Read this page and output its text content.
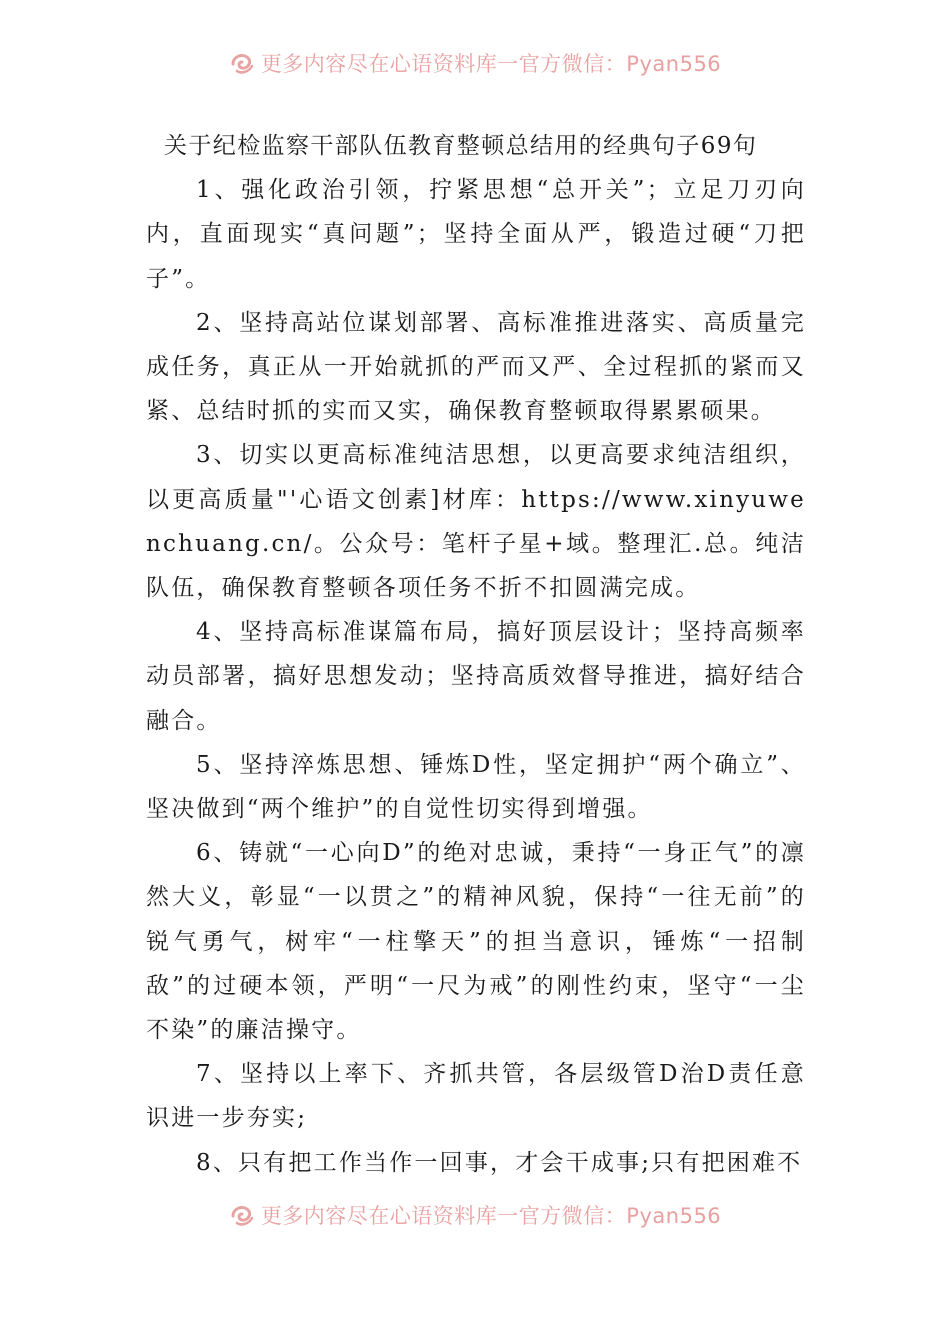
更多内容尽在心语资料库一官方微信：Pyan556
关于纪检监察干部队伍教育整顿总结用的经典句子69句

1、强化政治引领，拧紧思想“总开关”；立足刀刃向内，直面现实“真问题”；坚持全面从严，锻造过硬“刀把子”。

2、坚持高站位谋划部署、高标准推进落实、高质量完成任务，真正从一开始就抓的严而又严、全过程抓的紧而又紧、总结时抓的实而又实，确保教育整顿取得累累硕果。

3、切实以更高标准纯洁思想，以更高要求纯洁组织，以更高质量"'心语文创素]材库：https://www.xinyuwenchuang.cn/。公众号：笔杆子星+域。整理汇.总。纯洁队伍，确保教育整顿各项任务不折不扣圆满完成。

4、坚持高标准谋篇布局，搞好顶层设计；坚持高频率动员部署，搞好思想发动；坚持高质效督导推进，搞好结合融合。

5、坚持淬炼思想、锤炼D性，坚定拥护“两个确立”、坚决做到“两个维护”的自觉性切实得到增强。

6、铸就“一心向D”的绝对忠诚，秉持“一身正气”的凛然大义，彰显“一以贯之”的精神风貌，保持“一往无前”的锐气勇气，树牢“一柱擎天”的担当意识，锤炼“一招制敌”的过硬本领，严明“一尺为戒”的刚性约束，坚守“一尘不染”的廉洁操守。

7、坚持以上率下、齐抓共管，各层级管D治D责任意识进一步夯实;

8、只有把工作当作一回事，才会干成事;只有把困难不

更多内容尽在心语资料库一官方微信：Pyan556
